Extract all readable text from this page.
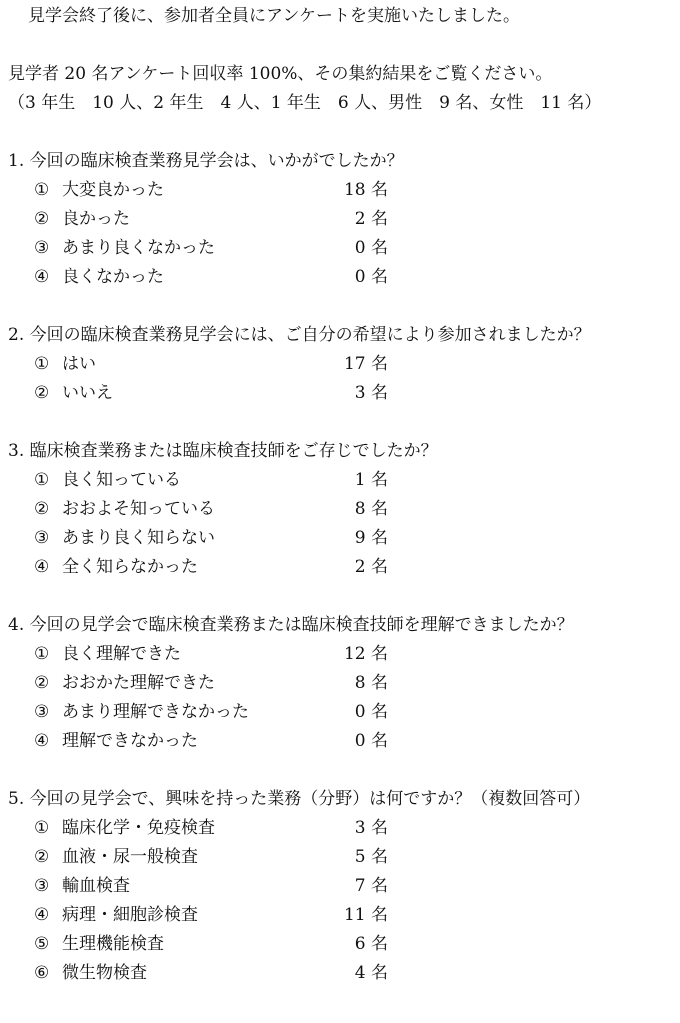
見学会終了後に、参加者全員にアンケートを実施いたしました。
見学者 20 名アンケート回収率 100%、その集約結果をご覧ください。
（3 年生　10 人、2 年生　4 人、1 年生　6 人、男性　9 名、女性　11 名）
1. 今回の臨床検査業務見学会は、いかがでしたか？
① 大変良かった	18 名
② 良かった	2 名
③ あまり良くなかった	0 名
④ 良くなかった	0 名
2. 今回の臨床検査業務見学会には、ご自分の希望により参加されましたか？
① はい	17 名
② いいえ	3 名
3. 臨床検査業務または臨床検査技師をご存じでしたか？
① 良く知っている	1 名
② おおよそ知っている	8 名
③ あまり良く知らない	9 名
④ 全く知らなかった	2 名
4. 今回の見学会で臨床検査業務または臨床検査技師を理解できましたか？
① 良く理解できた	12 名
② おおかた理解できた	8 名
③ あまり理解できなかった	0 名
④ 理解できなかった	0 名
5. 今回の見学会で、興味を持った業務（分野）は何ですか？（複数回答可）
① 臨床化学・免疫検査	3 名
② 血液・尿一般検査	5 名
③ 輸血検査	7 名
④ 病理・細胞診検査	11 名
⑤ 生理機能検査	6 名
⑥ 微生物検査	4 名
